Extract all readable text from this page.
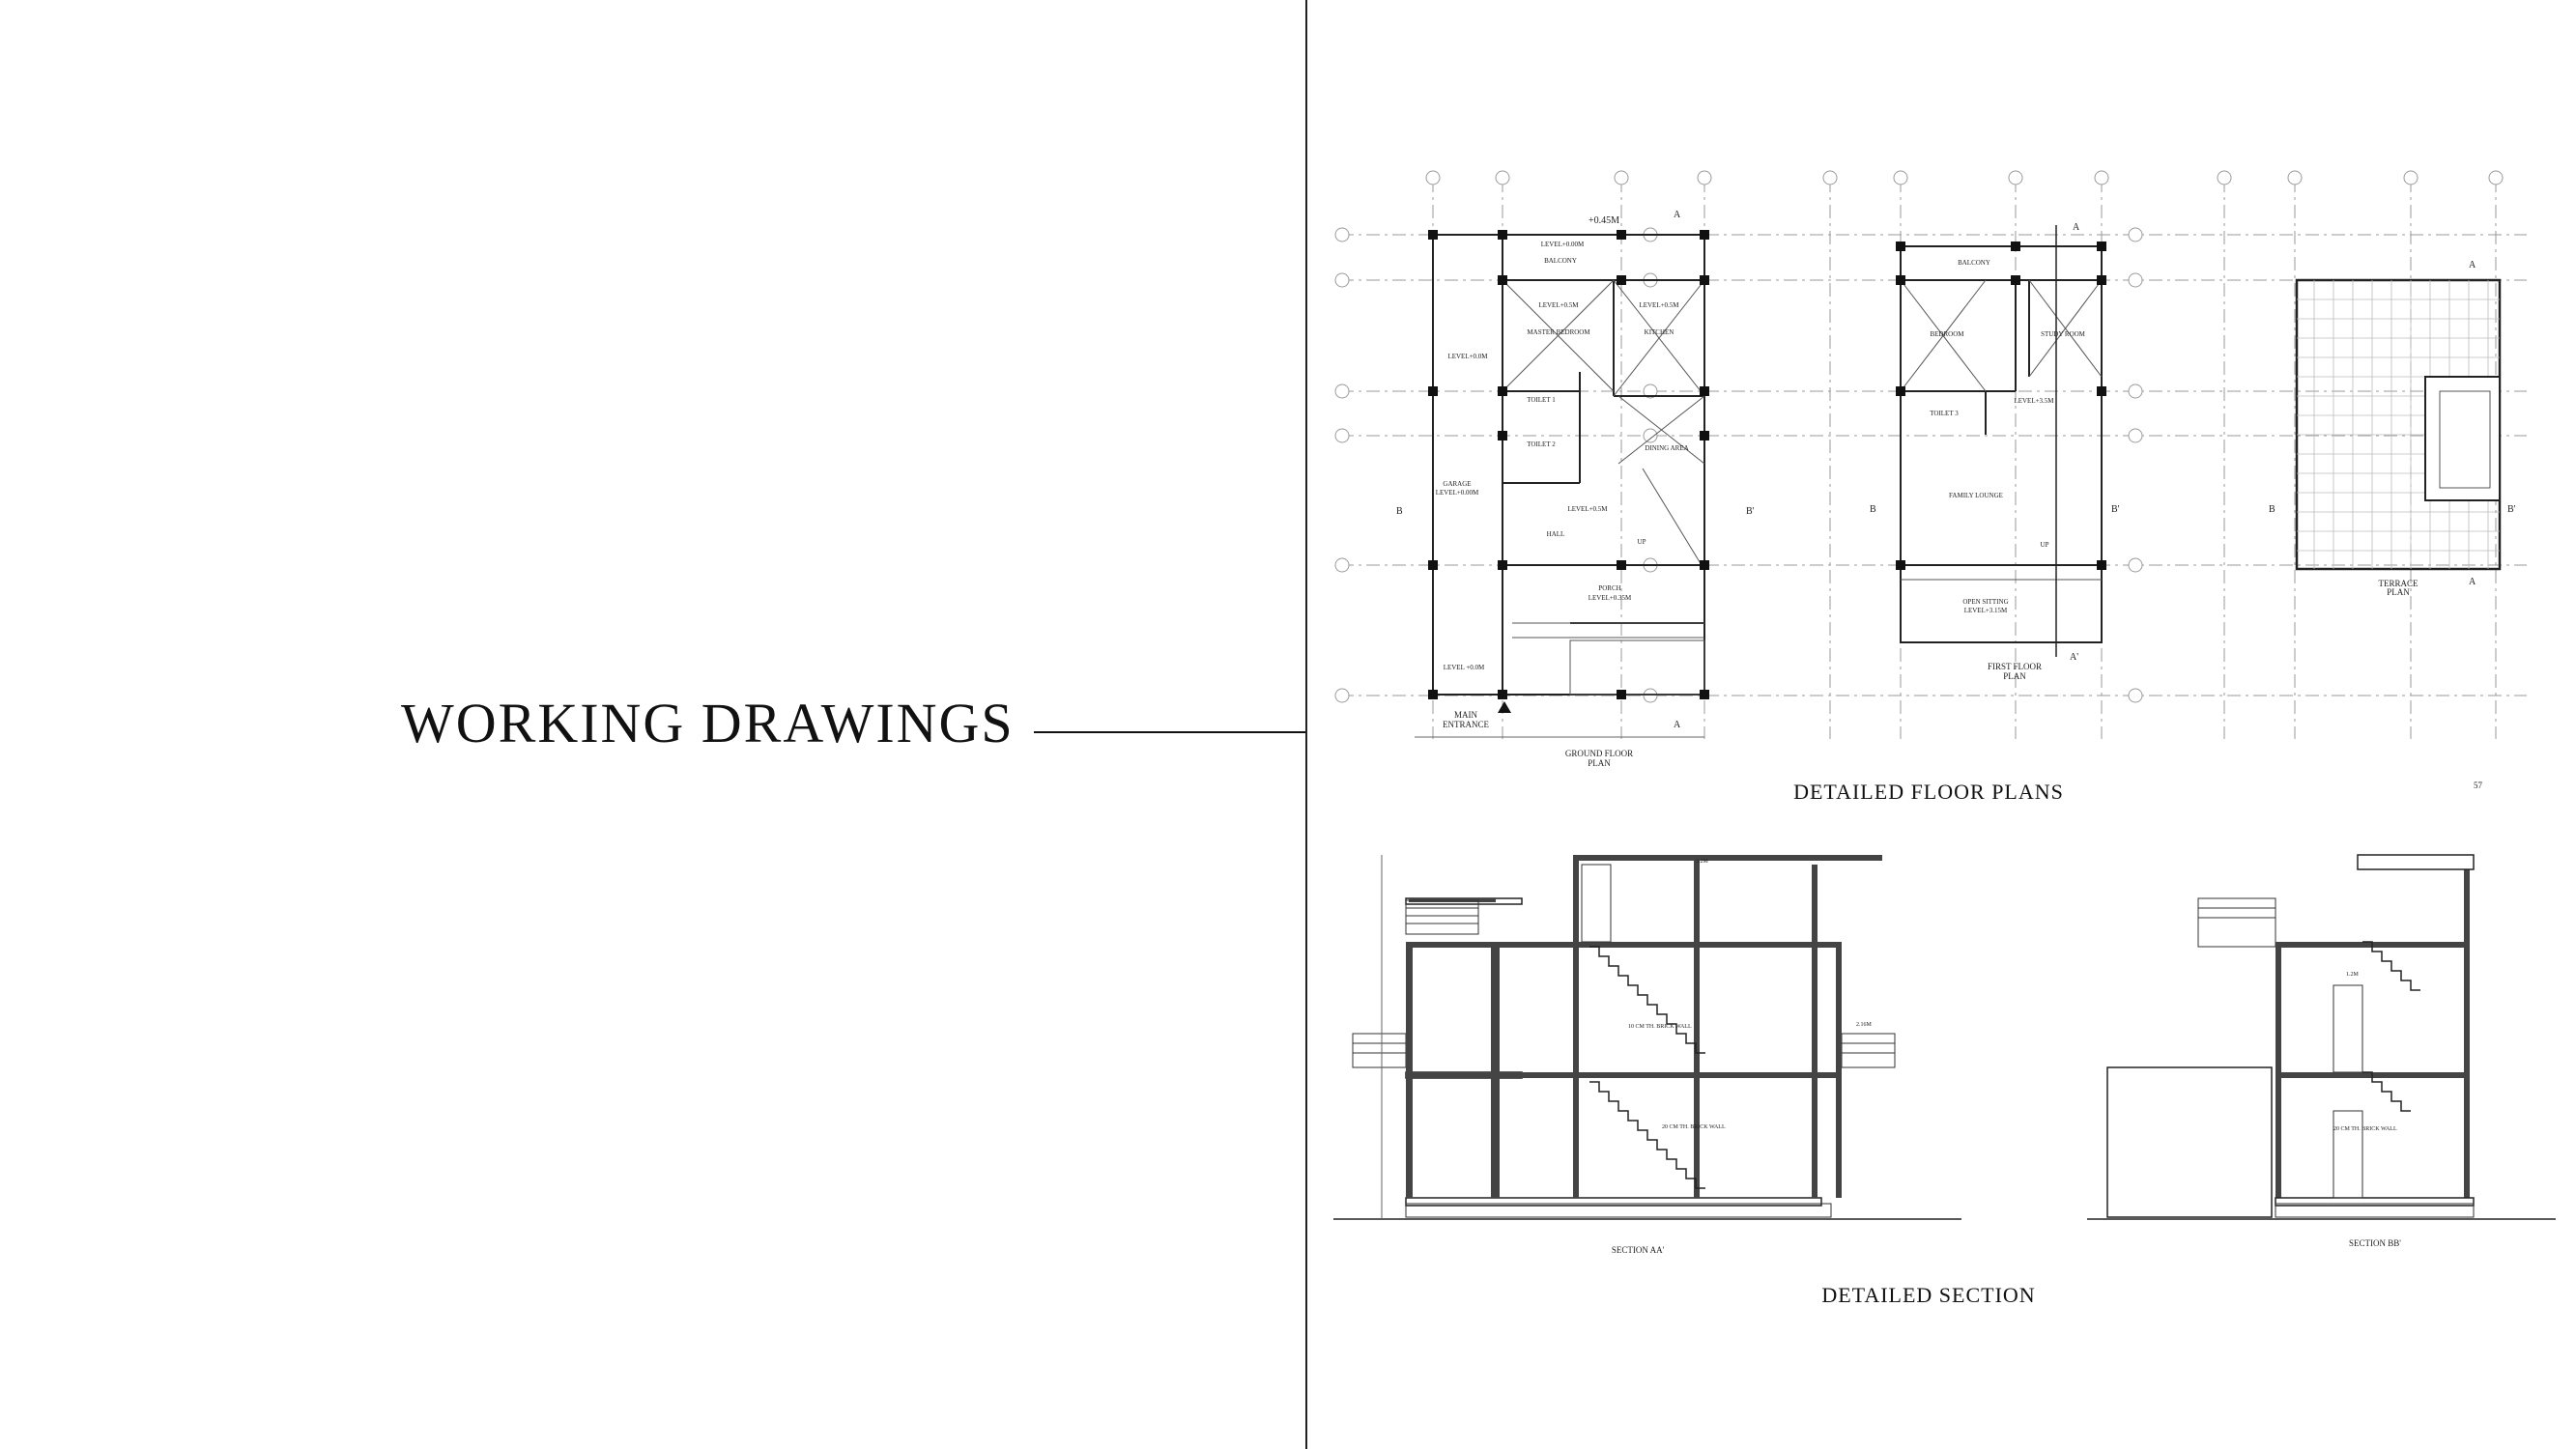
WORKING DRAWINGS
+0.45M
LEVEL+0.00M
BALCONY
LEVEL+0.5M
MASTER BEDROOM
LEVEL+0.5M
KITCHEN
TOILET 1
TOILET 2	DINING AREA
LEVEL+0.0M
GARAGE
LEVEL+0.00M
LEVEL+0.5M
HALL
PORCH
LEVEL+0.35M
LEVEL +0.0M
UP
MAIN
ENTRANCE
GROUND FLOOR
PLAN
A
A
B	B'
BALCONY
BEDROOM	STUDY ROOM
TOILET 3
LEVEL+3.5M
FAMILY LOUNGE
OPEN SITTING
LEVEL+3.15M
UP
FIRST FLOOR
PLAN
A
A'
B	B'
TERRACE
PLAN
A
A
B	B'
57
DETAILED FLOOR PLANS
10 CM TH. BRICK WALL
20 CM TH. BRICK WALL
3.2M
2.16M
SECTION AA'
20 CM TH. BRICK WALL
1.2M
SECTION BB'
DETAILED SECTION
